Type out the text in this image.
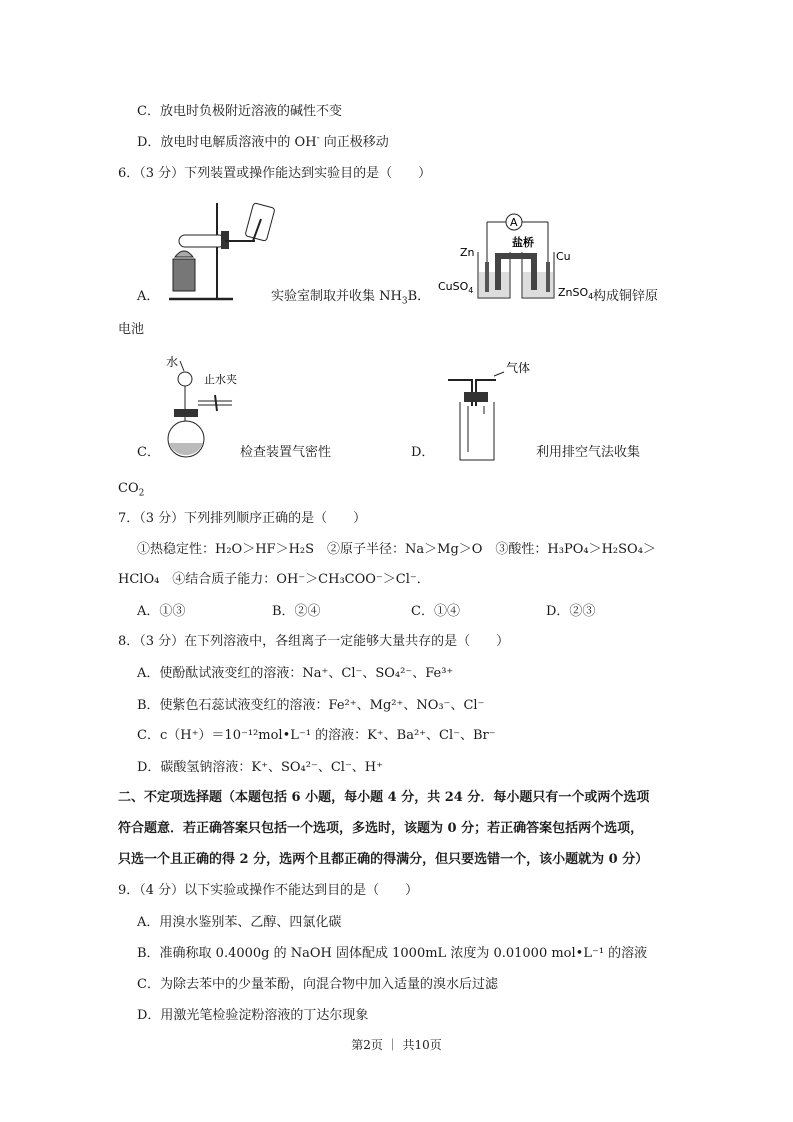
C．放电时负极附近溶液的碱性不变
D．放电时电解质溶液中的 OH- 向正极移动
6．（3 分）下列装置或操作能达到实验目的是（　　）
A．	实验室制取并收集 $NH_3B$．
A
Zn	Cu
盐桥
CuSO$_4$	ZnSO$_4$ 构成铜锌原
电池
水
止水夹
C．	检查装置气密性
气体
D．	利用排空气法收集
$CO_2$
7．（3 分）下列排列顺序正确的是（　　）
①热稳定性：H₂O＞HF＞H₂S　②原子半径：Na＞Mg＞O　③酸性：H₃PO₄＞H₂SO₄＞
HClO₄　④结合质子能力：OH⁻＞CH₃COO⁻＞Cl⁻．
A．①③	B．②④	C．①④	D．②③
8．（3 分）在下列溶液中，各组离子一定能够大量共存的是（　　）
A．使酚酞试液变红的溶液：Na⁺、Cl⁻、SO₄²⁻、Fe³⁺
B．使紫色石蕊试液变红的溶液：Fe²⁺、Mg²⁺、NO₃⁻、Cl⁻
C．c（H⁺）＝10⁻¹²mol•L⁻¹ 的溶液：K⁺、Ba²⁺、Cl⁻、Br⁻
D．碳酸氢钠溶液：K⁺、SO₄²⁻、Cl⁻、H⁺
二、不定项选择题（本题包括 6 小题，每小题 4 分，共 24 分．每小题只有一个或两个选项
符合题意．若正确答案只包括一个选项，多选时，该题为 0 分；若正确答案包括两个选项，
只选一个且正确的得 2 分，选两个且都正确的得满分，但只要选错一个，该小题就为 0 分）
9．（4 分）以下实验或操作不能达到目的是（　　）
A．用溴水鉴别苯、乙醇、四氯化碳
B．准确称取 0.4000g 的 NaOH 固体配成 1000mL 浓度为 0.01000 mol•L⁻¹ 的溶液
C．为除去苯中的少量苯酚，向混合物中加入适量的溴水后过滤
D．用激光笔检验淀粉溶液的丁达尔现象
第2页 ｜ 共10页
